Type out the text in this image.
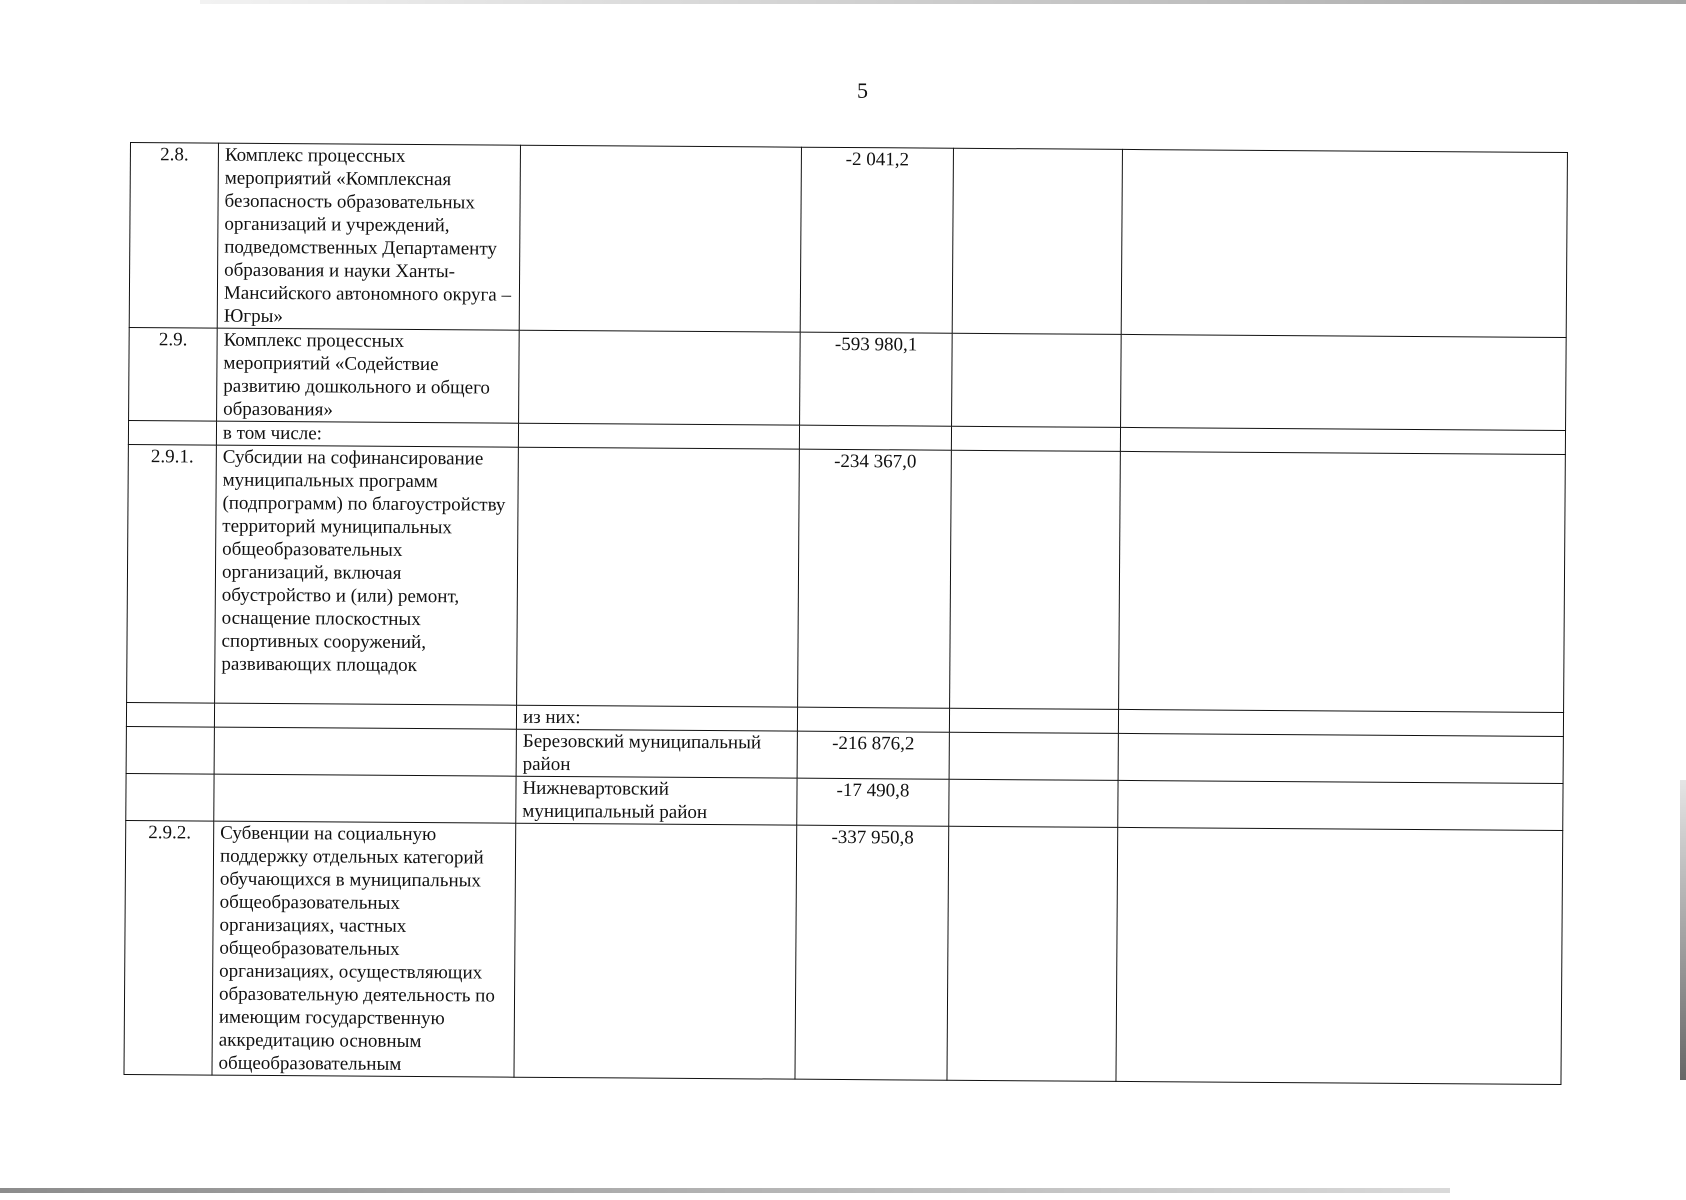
5
2.8.	Комплекс процессных мероприятий «Комплексная безопасность образовательных организаций и учреждений, подведомственных Департаменту образования и науки Ханты-Мансийского автономного округа – Югры»		-2 041,2		
2.9.	Комплекс процессных мероприятий «Содействие развитию дошкольного и общего образования»		-593 980,1		
	в том числе:				
2.9.1.	Субсидии на софинансирование муниципальных программ (подпрограмм) по благоустройству территорий муниципальных общеобразовательных организаций, включая обустройство и (или) ремонт, оснащение плоскостных спортивных сооружений, развивающих площадок		-234 367,0		
		из них:			
		Березовский муниципальный район	-216 876,2		
		Нижневартовский муниципальный район	-17 490,8		
2.9.2.	Субвенции на социальную поддержку отдельных категорий обучающихся в муниципальных общеобразовательных организациях, частных общеобразовательных организациях, осуществляющих образовательную деятельность по имеющим государственную аккредитацию основным общеобразовательным		-337 950,8		
